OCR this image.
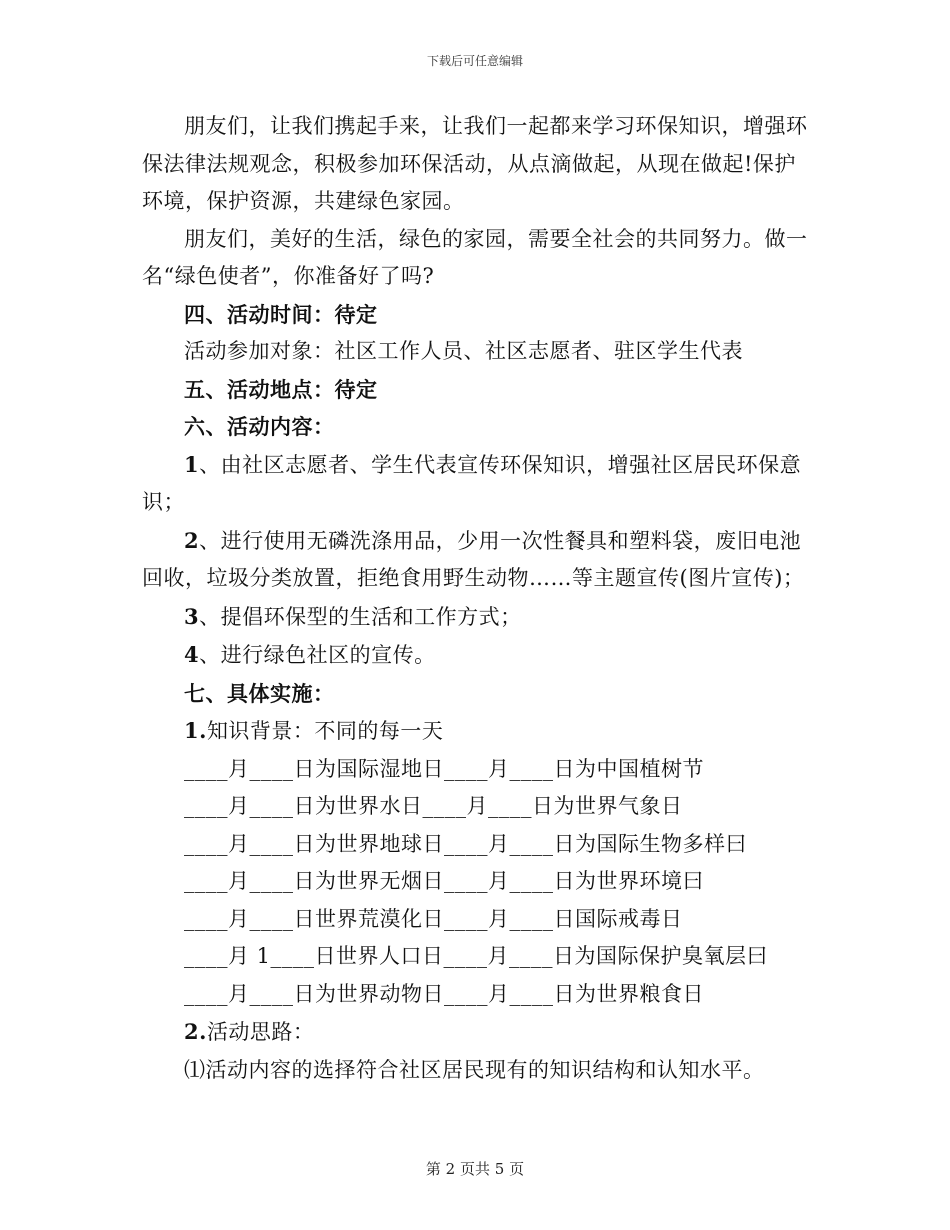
下载后可任意编辑

朋友们，让我们携起手来，让我们一起都来学习环保知识，增强环保法律法规观念，积极参加环保活动，从点滴做起，从现在做起!保护环境，保护资源，共建绿色家园。

朋友们，美好的生活，绿色的家园，需要全社会的共同努力。做一名“绿色使者”，你准备好了吗?

四、活动时间：待定

活动参加对象：社区工作人员、社区志愿者、驻区学生代表

五、活动地点：待定

六、活动内容：

1、由社区志愿者、学生代表宣传环保知识，增强社区居民环保意识；

2、进行使用无磷洗涤用品，少用一次性餐具和塑料袋，废旧电池回收，垃圾分类放置，拒绝食用野生动物……等主题宣传(图片宣传)；

3、提倡环保型的生活和工作方式；

4、进行绿色社区的宣传。

七、具体实施：

1.知识背景：不同的每一天

____月____日为国际湿地日____月____日为中国植树节

____月____日为世界水日____月____日为世界气象日

____月____日为世界地球日____月____日为国际生物多样曰

____月____日为世界无烟日____月____日为世界环境曰

____月____日世界荒漠化日____月____日国际戒毒日

____月 1____日世界人口日____月____日为国际保护臭氧层曰

____月____日为世界动物日____月____日为世界粮食日

2.活动思路：

⑴活动内容的选择符合社区居民现有的知识结构和认知水平。

第 2 页共 5 页
